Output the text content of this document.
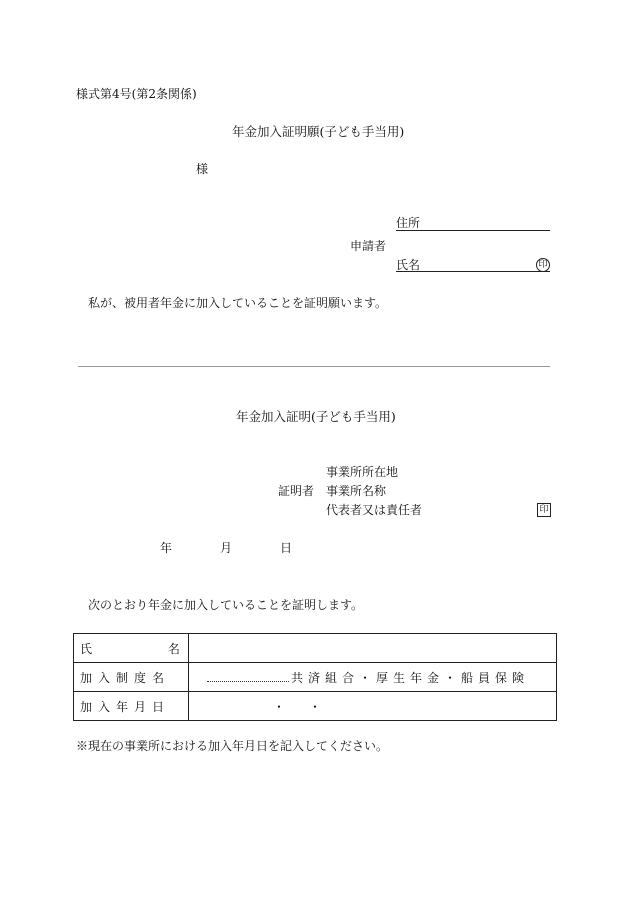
様式第4号(第2条関係)
年金加入証明願(子ども手当用)
様
住所
申請者
氏名	印
私が、被用者年金に加入していることを証明願います。
年金加入証明(子ども手当用)
事業所所在地
証明者 事業所名称
代表者又は責任者	印
年	月	日
次のとおり年金に加入していることを証明します。
氏 名	
加入制度名	共済組合・厚生年金・船員保険
加入年月日	・ ・
※現在の事業所における加入年月日を記入してください。
